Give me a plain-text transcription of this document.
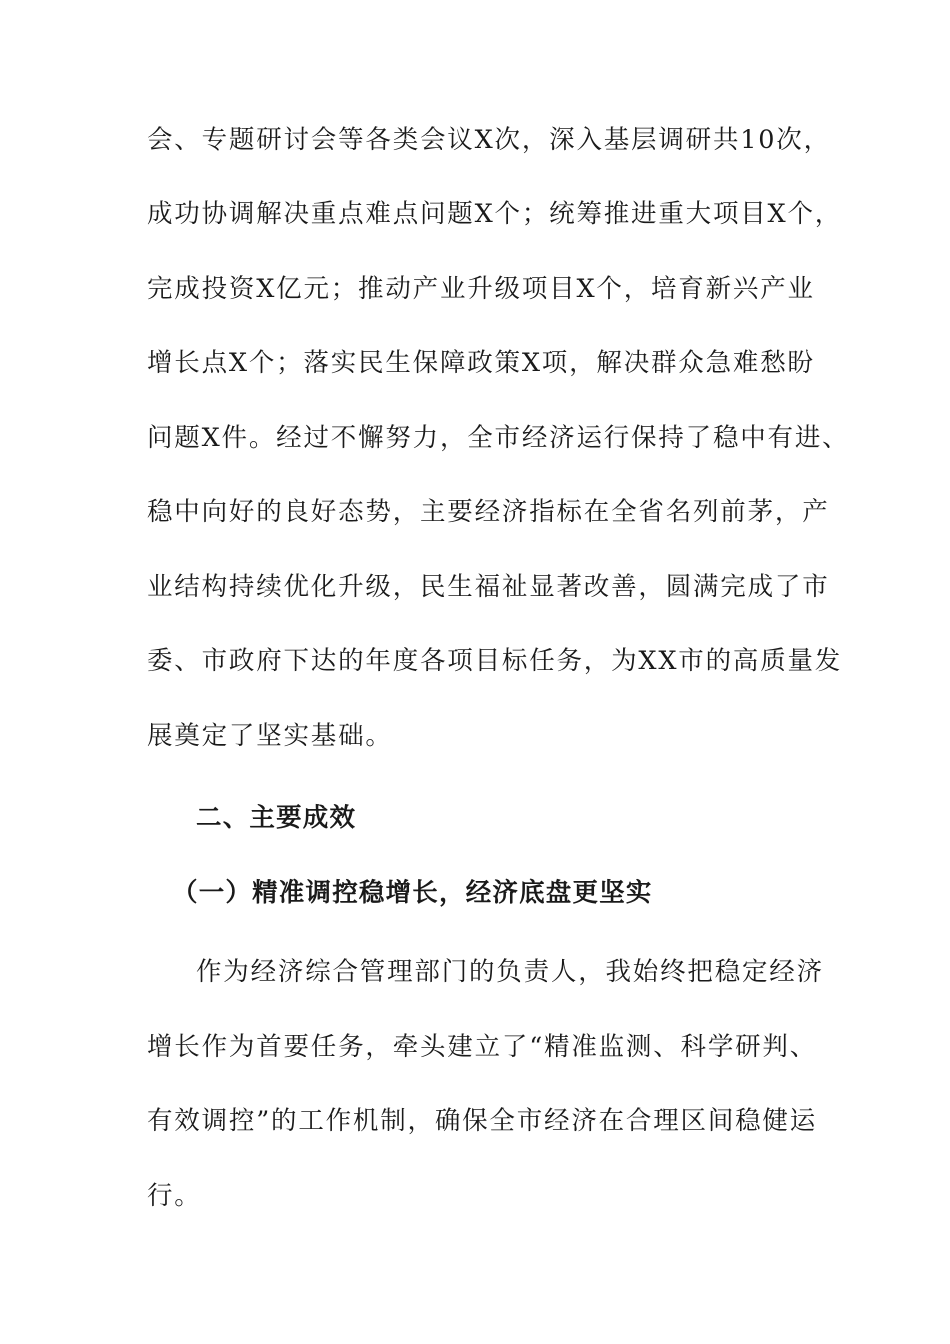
会、专题研讨会等各类会议X次，深入基层调研共10次，

成功协调解决重点难点问题X个；统筹推进重大项目X个，

完成投资X亿元；推动产业升级项目X个，培育新兴产业

增长点X个；落实民生保障政策X项，解决群众急难愁盼

问题X件。经过不懈努力，全市经济运行保持了稳中有进、

稳中向好的良好态势，主要经济指标在全省名列前茅，产

业结构持续优化升级，民生福祉显著改善，圆满完成了市

委、市政府下达的年度各项目标任务，为XX市的高质量发

展奠定了坚实基础。

二、主要成效

（一）精准调控稳增长，经济底盘更坚实

作为经济综合管理部门的负责人，我始终把稳定经济

增长作为首要任务，牵头建立了“精准监测、科学研判、

有效调控”的工作机制，确保全市经济在合理区间稳健运

行。
